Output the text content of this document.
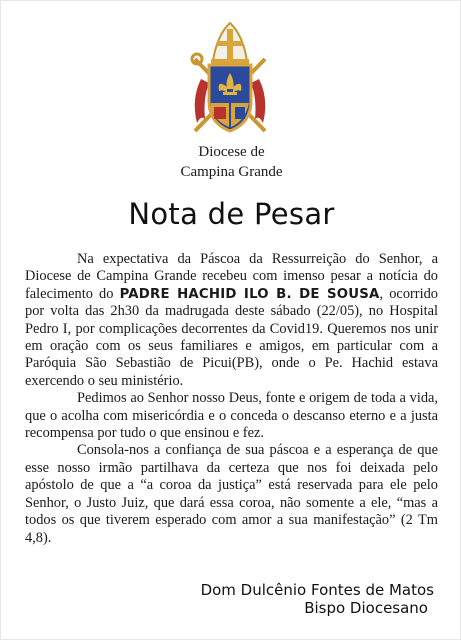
Diocese de
Campina Grande
Nota de Pesar

Na expectativa da Páscoa da Ressurreição do Senhor, a Diocese de Campina Grande recebeu com imenso pesar a notícia do falecimento do PADRE HACHID ILO B. DE SOUSA, ocorrido por volta das 2h30 da madrugada deste sábado (22/05), no Hospital Pedro I, por complicações decorrentes da Covid19. Queremos nos unir em oração com os seus familiares e amigos, em particular com a Paróquia São Sebastião de Picui(PB), onde o Pe. Hachid estava exercendo o seu ministério.

Pedimos ao Senhor nosso Deus, fonte e origem de toda a vida, que o acolha com misericórdia e o conceda o descanso eterno e a justa recompensa por tudo o que ensinou e fez.

Consola-nos a confiança de sua páscoa e a esperança de que esse nosso irmão partilhava da certeza que nos foi deixada pelo apóstolo de que a “a coroa da justiça” está reservada para ele pelo Senhor, o Justo Juiz, que dará essa coroa, não somente a ele, “mas a todos os que tiverem esperado com amor a sua manifestação” (2 Tm 4,8).

Dom Dulcênio Fontes de Matos
Bispo Diocesano
